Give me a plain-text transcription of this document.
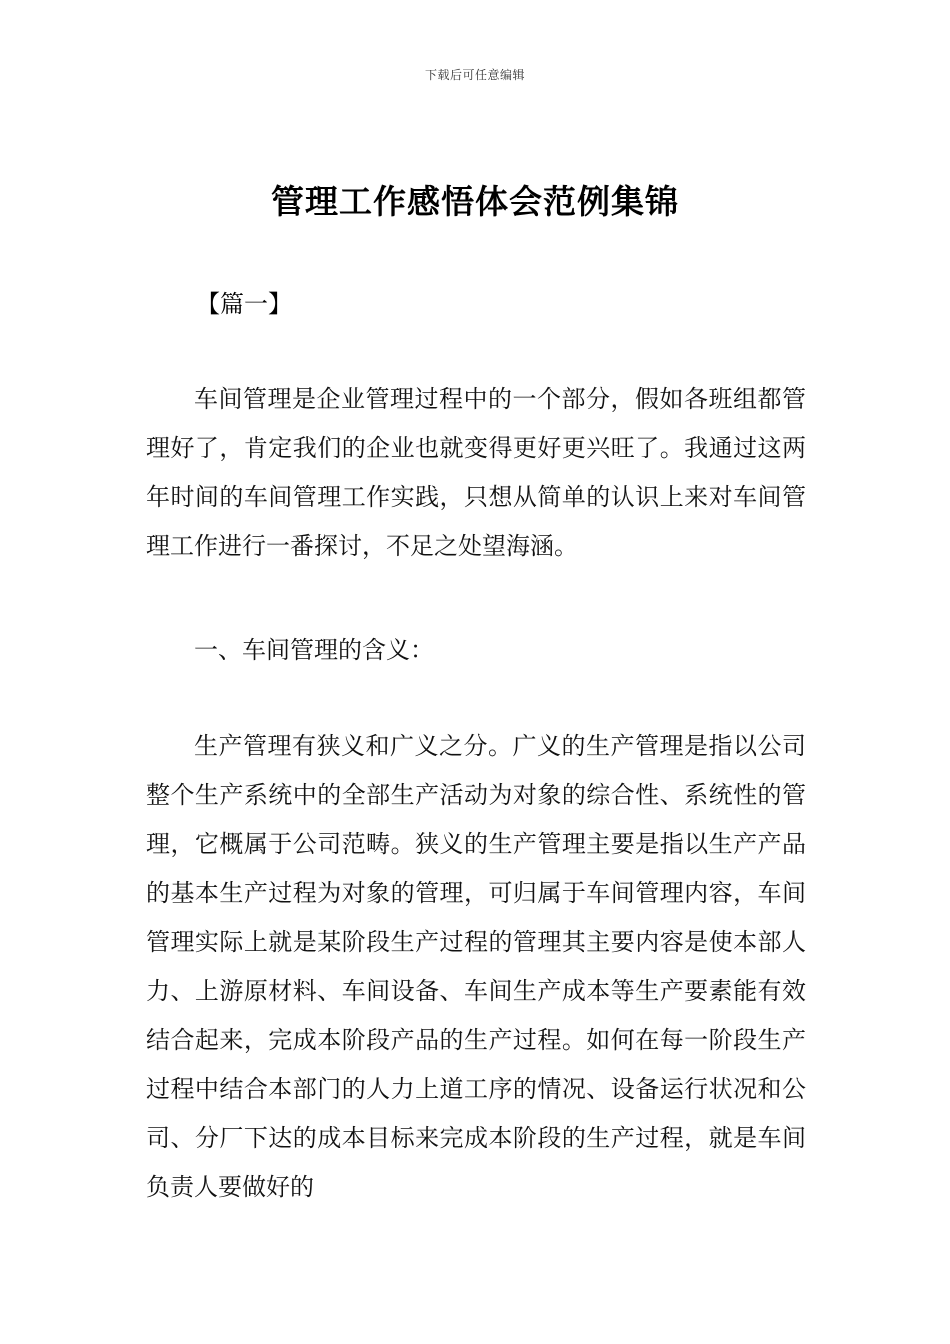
下载后可任意编辑
管理工作感悟体会范例集锦
【篇一】

车间管理是企业管理过程中的一个部分，假如各班组都管理好了，肯定我们的企业也就变得更好更兴旺了。我通过这两年时间的车间管理工作实践，只想从简单的认识上来对车间管理工作进行一番探讨，不足之处望海涵。

一、车间管理的含义：

生产管理有狭义和广义之分。广义的生产管理是指以公司整个生产系统中的全部生产活动为对象的综合性、系统性的管理，它概属于公司范畴。狭义的生产管理主要是指以生产产品的基本生产过程为对象的管理，可归属于车间管理内容，车间管理实际上就是某阶段生产过程的管理其主要内容是使本部人力、上游原材料、车间设备、车间生产成本等生产要素能有效结合起来，完成本阶段产品的生产过程。如何在每一阶段生产过程中结合本部门的人力上道工序的情况、设备运行状况和公司、分厂下达的成本目标来完成本阶段的生产过程，就是车间负责人要做好的
